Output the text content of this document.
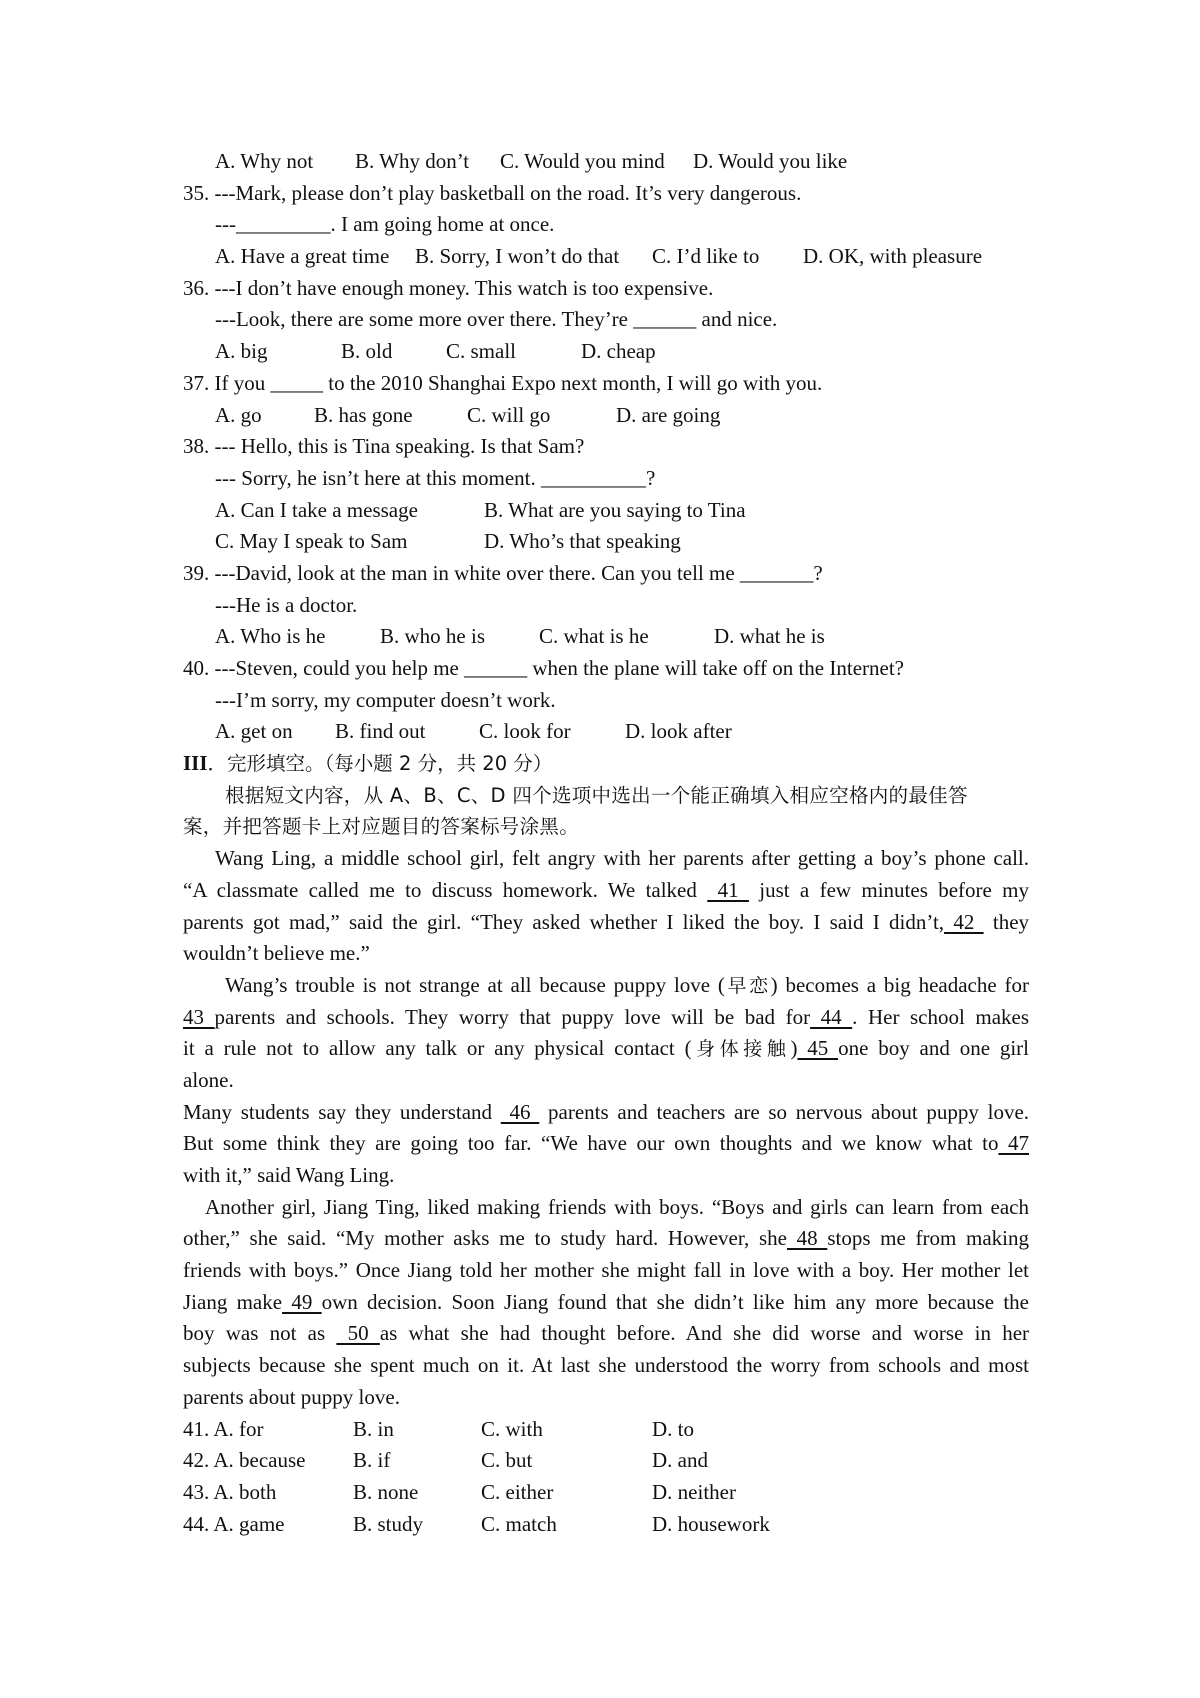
A. Why not B. Why don’t C. Would you mind D. Would you like
35. ---Mark, please don’t play basketball on the road. It’s very dangerous.
---_________. I am going home at once.
A. Have a great time B. Sorry, I won’t do that C. I’d like to D. OK, with pleasure
36. ---I don’t have enough money. This watch is too expensive.
---Look, there are some more over there. They’re ______ and nice.
A. big	B. old	C. small	D. cheap
37. If you _____ to the 2010 Shanghai Expo next month, I will go with you.
A. go B. has gone	C. will go	D. are going
38. --- Hello, this is Tina speaking. Is that Sam?
--- Sorry, he isn’t here at this moment. __________?
A. Can I take a message	B. What are you saying to Tina
C. May I speak to Sam	D. Who’s that speaking
39. ---David, look at the man in white over there. Can you tell me _______?
---He is a doctor.
A. Who is he	B. who he is	C. what is he	D. what he is
40. ---Steven, could you help me ______ when the plane will take off on the Internet?
---I’m sorry, my computer doesn’t work.
A. get on B. find out	C. look for	D. look after
III．完形填空。（每小题 2 分，共 20 分）
根据短文内容，从 A、B、C、D 四个选项中选出一个能正确填入相应空格内的最佳答
案，并把答题卡上对应题目的答案标号涂黑。
Wang Ling, a middle school girl, felt angry with her parents after getting a boy’s phone call.
“A classmate called me to discuss homework. We talked  41  just a few minutes before my
parents got mad,” said the girl. “They asked whether I liked the boy. I said I didn’t, 42  they
wouldn’t believe me.”
Wang’s trouble is not strange at all because puppy love (早恋) becomes a big headache for
43 parents and schools. They worry that puppy love will be bad for 44 . Her school makes
it a rule not to allow any talk or any physical contact (身体接触) 45 one boy and one girl
alone.
Many students say they understand  46  parents and teachers are so nervous about puppy love.
But some think they are going too far. “We have our own thoughts and we know what to 47
with it,” said Wang Ling.
Another girl, Jiang Ting, liked making friends with boys. “Boys and girls can learn from each
other,” she said. “My mother asks me to study hard. However, she 48 stops me from making
friends with boys.” Once Jiang told her mother she might fall in love with a boy. Her mother let
Jiang make 49 own decision. Soon Jiang found that she didn’t like him any more because the
boy was not as  50 as what she had thought before. And she did worse and worse in her
subjects because she spent much on it. At last she understood the worry from schools and most
parents about puppy love.
41. A. for	B. in	C. with	D. to
42. A. because B. if	C. but	D. and
43. A. both	B. none	C. either	D. neither
44. A. game	B. study	C. match	D. housework
